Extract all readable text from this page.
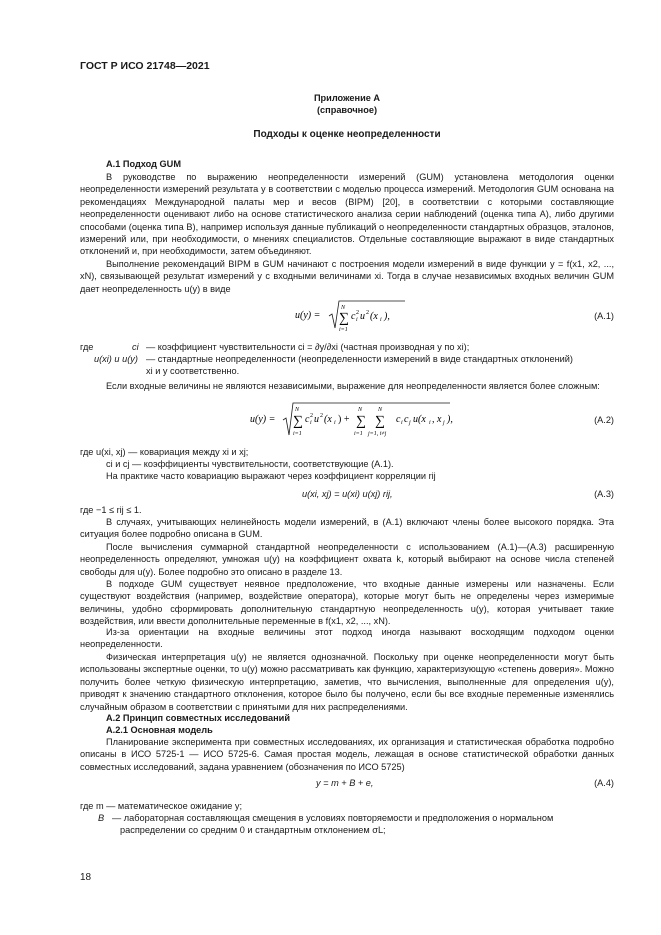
ГОСТ Р ИСО 21748—2021
Приложение А
(справочное)
Подходы к оценке неопределенности
А.1 Подход GUM
В руководстве по выражению неопределенности измерений (GUM) установлена методология оценки неопределенности измерений результата y в соответствии с моделью процесса измерений. Методология GUM основана на рекомендациях Международной палаты мер и весов (BIPM) [20], в соответствии с которыми составляющие неопределенности оценивают либо на основе статистического анализа серии наблюдений (оценка типа А), либо другими способами (оценка типа В), например используя данные публикаций о неопределенности стандартных образцов, эталонов, измерений или, при необходимости, о мнениях специалистов. Отдельные составляющие выражают в виде стандартных отклонений и, при необходимости, затем объединяют.
Выполнение рекомендаций BIPM в GUM начинают с построения модели измерений в виде функции y = f(x1, x2, ..., xN), связывающей результат измерений y с входными величинами xi. Тогда в случае независимых входных величин GUM дает неопределенность u(y) в виде
u(y) =
N
∑
i=1
c 2
i u 2 (x i ),	(А.1)
где	ci — коэффициент чувствительности ci = ∂y/∂xi (частная производная y по xi);
u(xi) и u(y) — стандартные неопределенности (неопределенности измерений в виде стандартных отклонений)
xi и y соответственно.
Если входные величины не являются независимыми, выражение для неопределенности является более сложным:
u(y) =
N
∑
i=1
c 2
i u 2 (x i ) +
N
∑
i=1
N
∑
j=1, i≠j
c i c j u(x i , x j ),	(А.2)
где u(xi, xj) — ковариация между xi и xj;
ci и cj — коэффициенты чувствительности, соответствующие (А.1).
На практике часто ковариацию выражают через коэффициент корреляции rij
u(xi, xj) = u(xi) u(xj) rij,	(А.3)
где −1 ≤ rij ≤ 1.
В случаях, учитывающих нелинейность модели измерений, в (А.1) включают члены более высокого порядка. Эта ситуация более подробно описана в GUM.
После вычисления суммарной стандартной неопределенности с использованием (А.1)—(А.3) расширенную неопределенность определяют, умножая u(y) на коэффициент охвата k, который выбирают на основе числа степеней свободы для u(y). Более подробно это описано в разделе 13.
В подходе GUM существует неявное предположение, что входные данные измерены или назначены. Если существуют воздействия (например, воздействие оператора), которые могут быть не определены через измеримые величины, удобно сформировать дополнительную стандартную неопределенность u(y), которая учитывает такие воздействия, или ввести дополнительные переменные в f(x1, x2, ..., xN).
Из-за ориентации на входные величины этот подход иногда называют восходящим подходом оценки неопределенности.
Физическая интерпретация u(y) не является однозначной. Поскольку при оценке неопределенности могут быть использованы экспертные оценки, то u(y) можно рассматривать как функцию, характеризующую «степень доверия». Можно получить более четкую физическую интерпретацию, заметив, что вычисления, выполненные для определения u(y), приводят к значению стандартного отклонения, которое было бы получено, если бы все входные переменные изменялись случайным образом в соответствии с принятыми для них распределениями.
А.2 Принцип совместных исследований
А.2.1 Основная модель
Планирование эксперимента при совместных исследованиях, их организация и статистическая обработка подробно описаны в ИСО 5725-1 — ИСО 5725-6. Самая простая модель, лежащая в основе статистической обработки данных совместных исследований, задана уравнением (обозначения по ИСО 5725)
y = m + B + e,	(А.4)
где m — математическое ожидание y;
B — лабораторная составляющая смещения в условиях повторяемости и предположения о нормальном
распределении со средним 0 и стандартным отклонением σL;
18
